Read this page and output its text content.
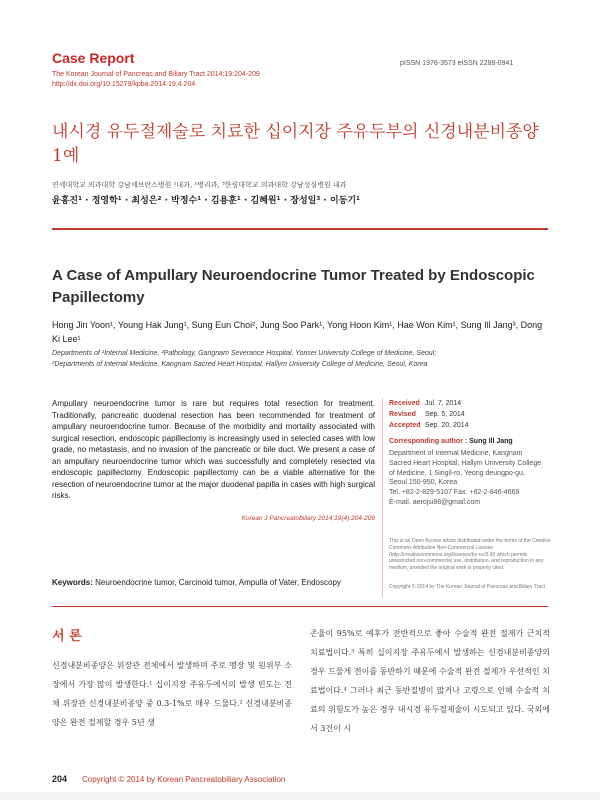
Case Report
The Korean Journal of Pancreas and Biliary Tract 2014;19:204-209
http://dx.doi.org/10.15279/kpba.2014.19.4.204
pISSN 1976-3573 eISSN 2288-0941
내시경 유두절제술로 치료한 십이지장 주유두부의 신경내분비종양 1예
연세대학교 의과대학 강남세브란스병원 ¹내과, ²병리과, ³한림대학교 의과대학 강남성심병원 내과
윤홍진¹ · 정영학¹ · 최성은² · 박정수¹ · 김용훈¹ · 김혜원¹ · 장성일³ · 이동기¹
A Case of Ampullary Neuroendocrine Tumor Treated by Endoscopic Papillectomy
Hong Jin Yoon¹, Young Hak Jung¹, Sung Eun Choi², Jung Soo Park¹, Yong Hoon Kim¹, Hae Won Kim¹, Sung Ill Jang³, Dong Ki Lee¹
Departments of ¹Internal Medicine, ²Pathology, Gangnam Severance Hospital, Yonsei University College of Medicine, Seoul;
³Departments of Internal Medicine, Kangnam Sacred Heart Hospital, Hallym University College of Medicine, Seoul, Korea
Ampullary neuroendocrine tumor is rare but requires total resection for treatment. Traditionally, pancreatic duodenal resection has been recommended for treatment of ampullary neuroendocrine tumor. Because of the morbidity and mortality associated with surgical resection, endoscopic papillectomy is increasingly used in selected cases with low grade, no metastasis, and no invasion of the pancreatic or bile duct. We present a case of an ampullary neuroendocrine tumor which was successfully and completely resected via endoscopic papillectomy. Endoscopic papillectomy can be a viable alternative for the resection of neuroendocrine tumor at the major duodenal papilla in cases with high surgical risks.
Korean J Pancreatobiliary 2014;19(4):204-209
Keywords: Neuroendocrine tumor, Carcinoid tumor, Ampulla of Vater, Endoscopy
Received Jul. 7, 2014
Revised Sep. 5, 2014
Accepted Sep. 20, 2014
Corresponding author : Sung Ill Jang
Department of Internal Medicine, Kangnam
Sacred Heart Hospital, Hallym University College
of Medicine, 1 Singil-ro, Yeong deungpo-gu,
Seoul 150-950, Korea
Tel. +82-2-829-5107 Fax. +82-2-846-4669
E-mail. aerojsi88@gmail.com
This is an Open Access article distributed under the terms of the Creative Commons Attribution Non-Commercial License (http://creativecommons.org/licenses/by-nc/3.0/) which permits unrestricted non-commercial use, distribution, and reproduction in any medium, provided the original work is properly cited.
Copyright © 2014 by The Korean Journal of Pancreas and Biliary Tract
서 론
신경내분비종양은 위장관 전체에서 발생하며 주로 맹장 및 원위부 소장에서 가장 많이 발생한다.¹ 십이지장 주유두에서의 발생 빈도는 전체 위장관 신경내분비종양 중 0.3-1%로 매우 드물다.² 신경내분비종양은 완전 절제할 경우 5년 생
존율이 95%로 예후가 전반적으로 좋아 수술적 완전 절제가 근치적 치료법이다.³ 특히 십이지장 주유두에서 발생하는 신경내분비종양의 경우 드물게 전이를 동반하기 때문에 수술적 완전 절제가 우선적인 치료법이다.⁴ 그러나 최근 동반질병이 많거나 고령으로 인해 수술적 치료의 위험도가 높은 경우 내시경 유두절제술이 시도되고 있다. 국외에서 3건이 시
204 Copyright © 2014 by Korean Pancreatobiliary Association
